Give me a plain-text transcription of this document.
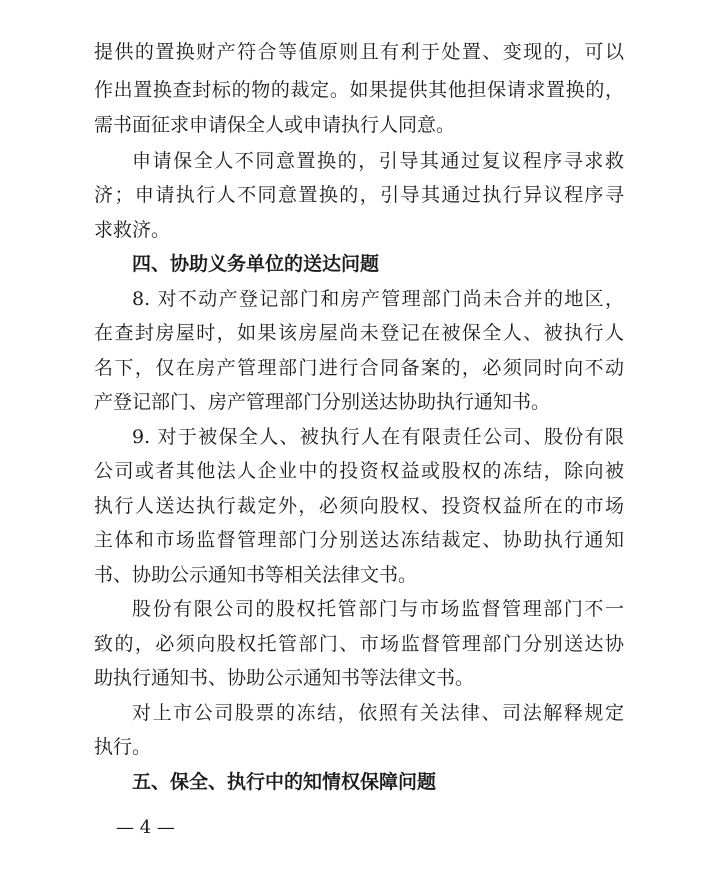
提供的置换财产符合等值原则且有利于处置、变现的，可以
作出置换查封标的物的裁定。如果提供其他担保请求置换的，
需书面征求申请保全人或申请执行人同意。
申请保全人不同意置换的，引导其通过复议程序寻求救
济；申请执行人不同意置换的，引导其通过执行异议程序寻
求救济。
四、协助义务单位的送达问题
8. 对不动产登记部门和房产管理部门尚未合并的地区，
在查封房屋时，如果该房屋尚未登记在被保全人、被执行人
名下，仅在房产管理部门进行合同备案的，必须同时向不动
产登记部门、房产管理部门分别送达协助执行通知书。
9. 对于被保全人、被执行人在有限责任公司、股份有限
公司或者其他法人企业中的投资权益或股权的冻结，除向被
执行人送达执行裁定外，必须向股权、投资权益所在的市场
主体和市场监督管理部门分别送达冻结裁定、协助执行通知
书、协助公示通知书等相关法律文书。
股份有限公司的股权托管部门与市场监督管理部门不一
致的，必须向股权托管部门、市场监督管理部门分别送达协
助执行通知书、协助公示通知书等法律文书。
对上市公司股票的冻结，依照有关法律、司法解释规定
执行。
五、保全、执行中的知情权保障问题
— 4 —
